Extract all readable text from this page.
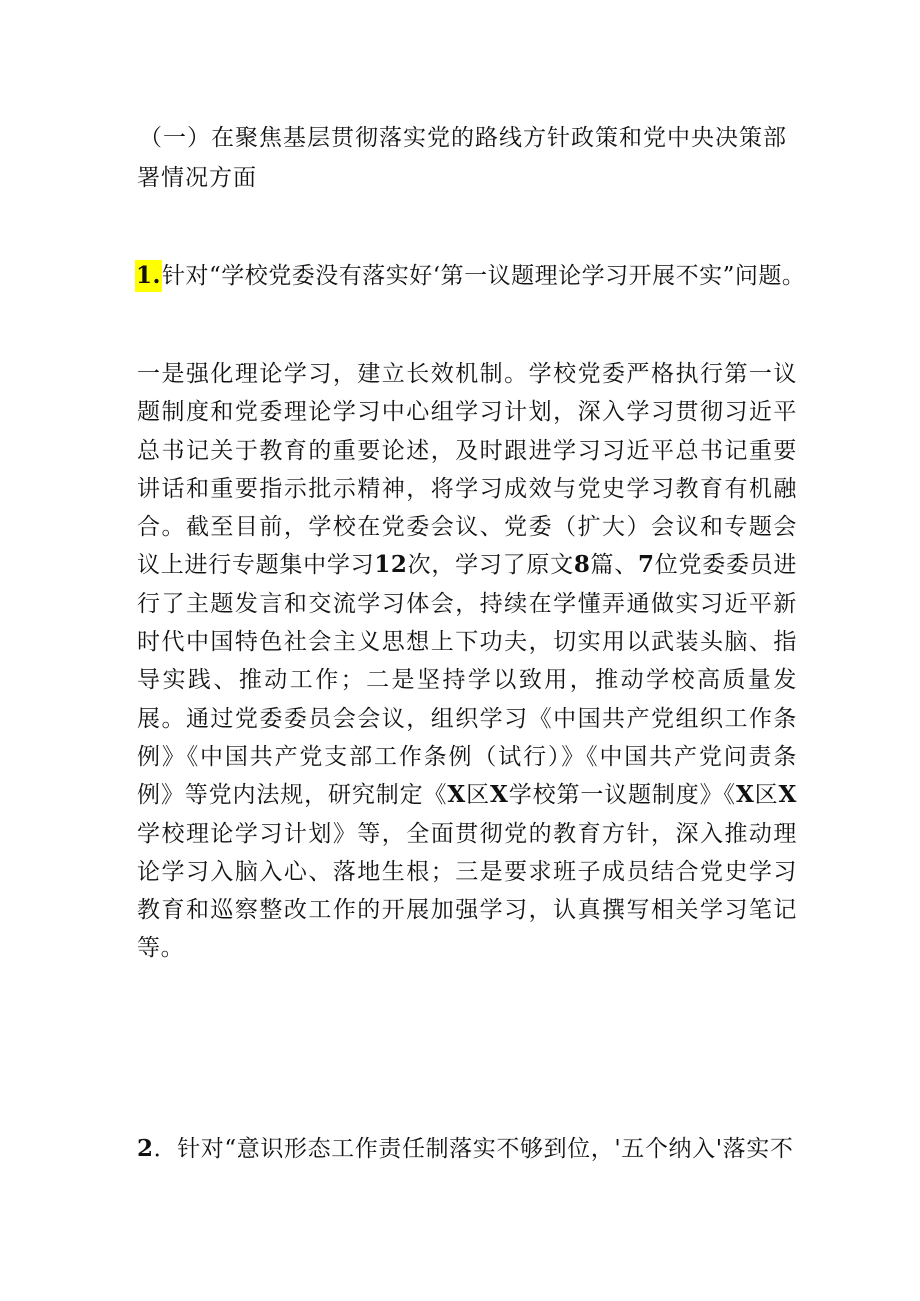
（一）在聚焦基层贯彻落实党的路线方针政策和党中央决策部署情况方面

1.针对“学校党委没有落实好‘第一议题理论学习开展不实”问题。

一是强化理论学习，建立长效机制。学校党委严格执行第一议题制度和党委理论学习中心组学习计划，深入学习贯彻习近平总书记关于教育的重要论述，及时跟进学习习近平总书记重要讲话和重要指示批示精神，将学习成效与党史学习教育有机融合。截至目前，学校在党委会议、党委（扩大）会议和专题会议上进行专题集中学习12次，学习了原文8篇、7位党委委员进行了主题发言和交流学习体会，持续在学懂弄通做实习近平新时代中国特色社会主义思想上下功夫，切实用以武装头脑、指导实践、推动工作；二是坚持学以致用，推动学校高质量发展。通过党委委员会会议，组织学习《中国共产党组织工作条例》《中国共产党支部工作条例（试行）》《中国共产党问责条例》等党内法规，研究制定《X区X学校第一议题制度》《X区X学校理论学习计划》等，全面贯彻党的教育方针，深入推动理论学习入脑入心、落地生根；三是要求班子成员结合党史学习教育和巡察整改工作的开展加强学习，认真撰写相关学习笔记等。

2．针对“意识形态工作责任制落实不够到位，'五个纳入'落实不
